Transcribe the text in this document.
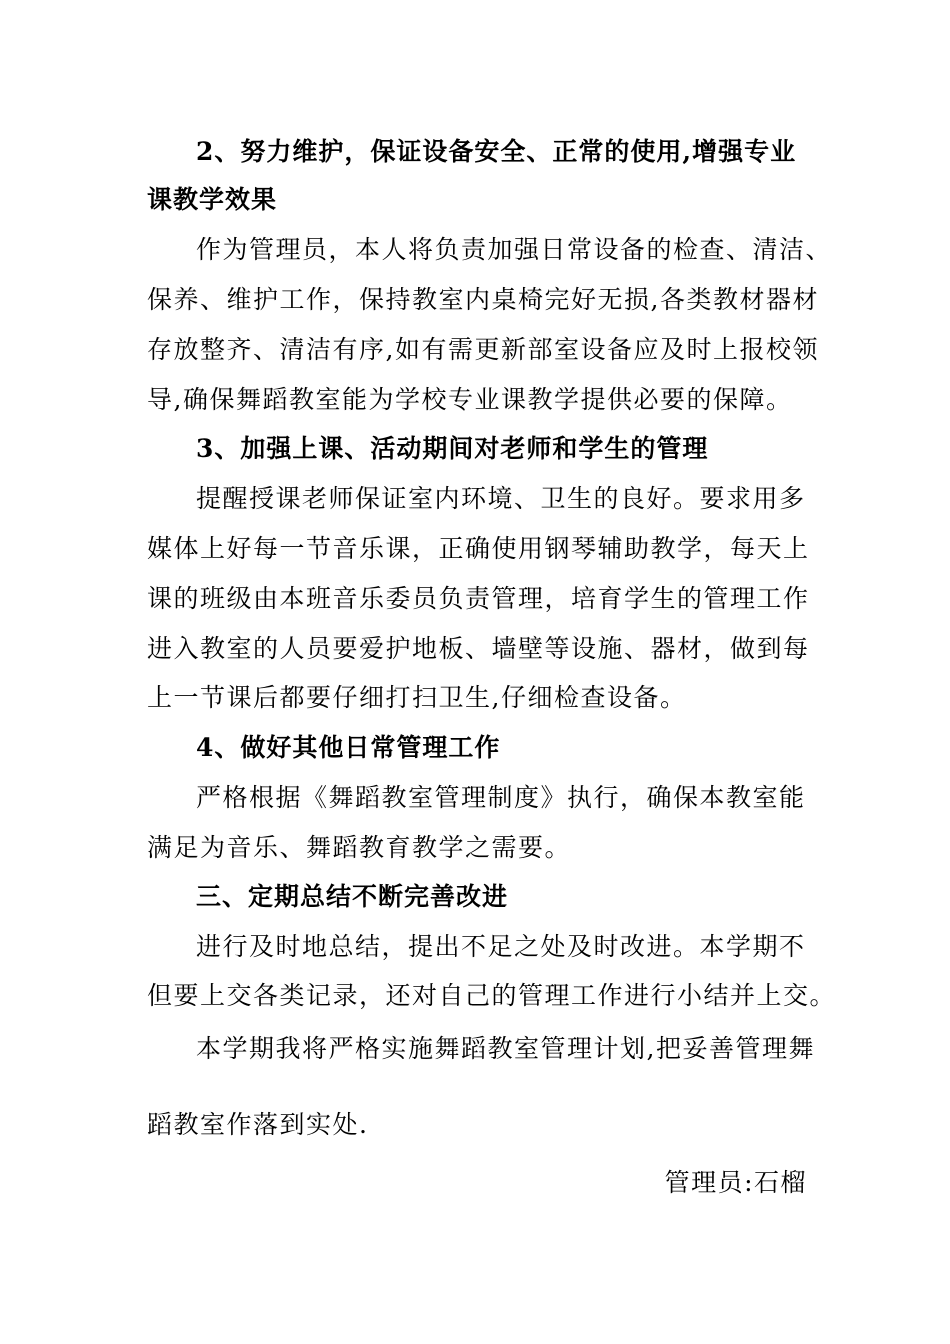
2、努力维护，保证设备安全、正常的使用,增强专业
课教学效果
作为管理员，本人将负责加强日常设备的检查、清洁、
保养、维护工作，保持教室内桌椅完好无损,各类教材器材
存放整齐、清洁有序,如有需更新部室设备应及时上报校领
导,确保舞蹈教室能为学校专业课教学提供必要的保障。
3、加强上课、活动期间对老师和学生的管理
提醒授课老师保证室内环境、卫生的良好。要求用多
媒体上好每一节音乐课，正确使用钢琴辅助教学，每天上
课的班级由本班音乐委员负责管理，培育学生的管理工作
进入教室的人员要爱护地板、墙壁等设施、器材，做到每
上一节课后都要仔细打扫卫生,仔细检查设备。
4、做好其他日常管理工作
严格根据《舞蹈教室管理制度》执行，确保本教室能
满足为音乐、舞蹈教育教学之需要。
三、定期总结不断完善改进
进行及时地总结，提出不足之处及时改进。本学期不
但要上交各类记录，还对自己的管理工作进行小结并上交。
本学期我将严格实施舞蹈教室管理计划,把妥善管理舞
蹈教室作落到实处.
管理员:石榴
